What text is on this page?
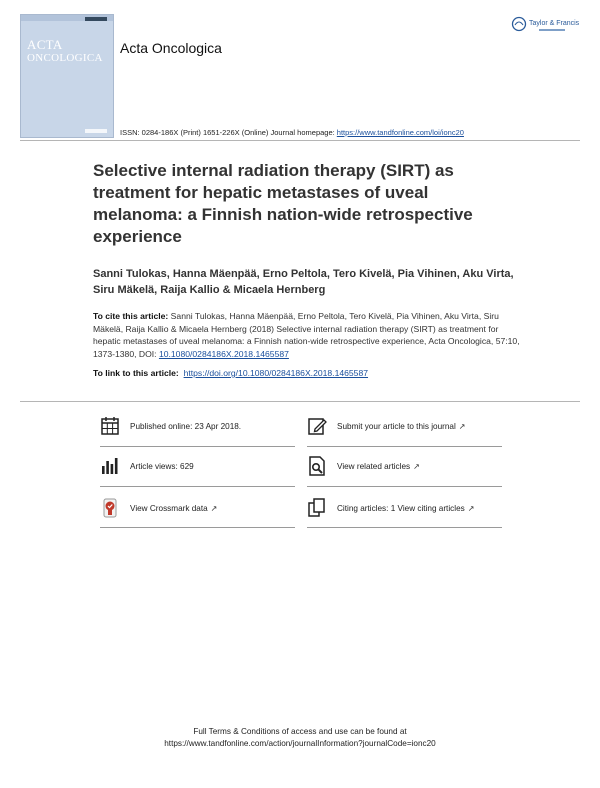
ACTA
ONCOLOGICA
Acta Oncologica
Taylor & Francis
ISSN: 0284-186X (Print) 1651-226X (Online) Journal homepage: https://www.tandfonline.com/loi/ionc20
Selective internal radiation therapy (SIRT) as treatment for hepatic metastases of uveal melanoma: a Finnish nation-wide retrospective experience
Sanni Tulokas, Hanna Mäenpää, Erno Peltola, Tero Kivelä, Pia Vihinen, Aku Virta, Siru Mäkelä, Raija Kallio & Micaela Hernberg
To cite this article: Sanni Tulokas, Hanna Mäenpää, Erno Peltola, Tero Kivelä, Pia Vihinen, Aku Virta, Siru Mäkelä, Raija Kallio & Micaela Hernberg (2018) Selective internal radiation therapy (SIRT) as treatment for hepatic metastases of uveal melanoma: a Finnish nation-wide retrospective experience, Acta Oncologica, 57:10, 1373-1380, DOI: 10.1080/0284186X.2018.1465587
To link to this article: https://doi.org/10.1080/0284186X.2018.1465587
Published online: 23 Apr 2018.	Submit your article to this journal ↗
Article views: 629	View related articles ↗
View Crossmark data ↗	Citing articles: 1 View citing articles ↗
Full Terms & Conditions of access and use can be found at
https://www.tandfonline.com/action/journalInformation?journalCode=ionc20
